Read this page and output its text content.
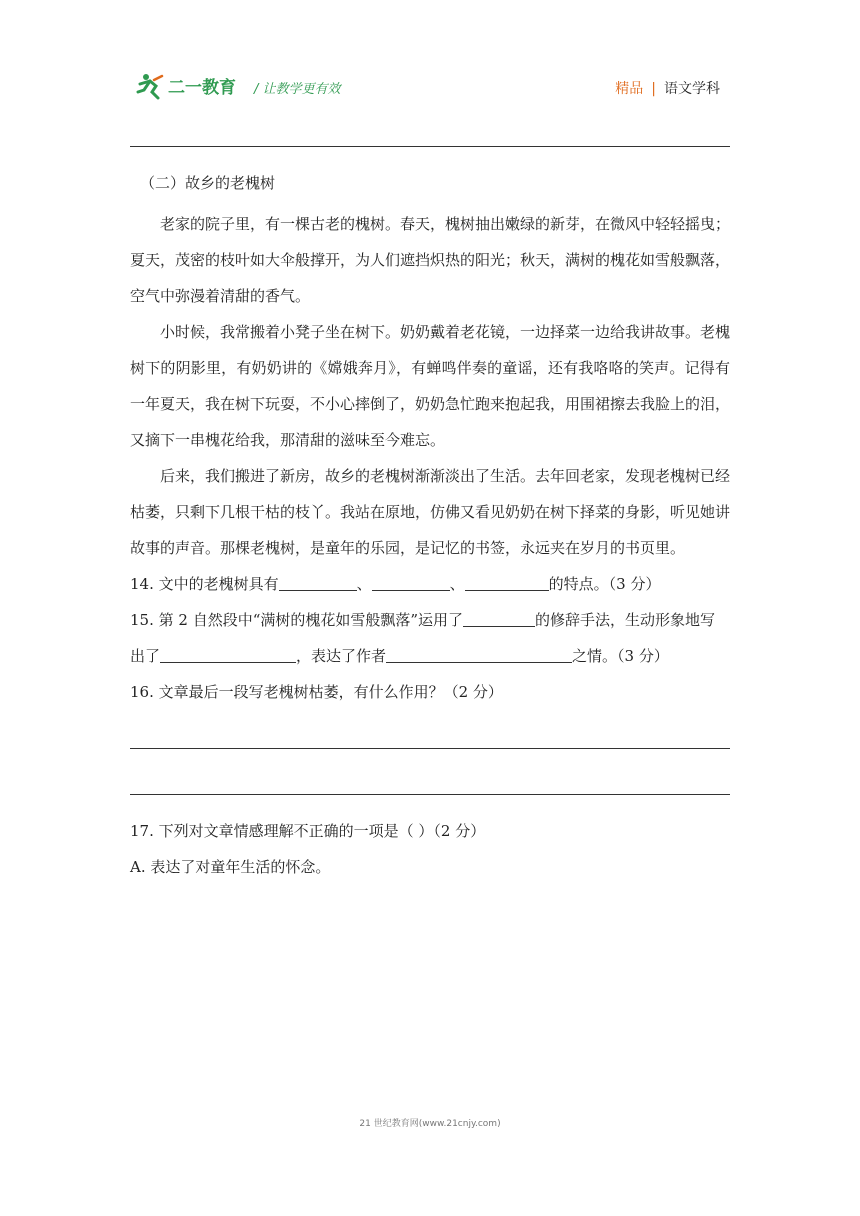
二一教育 / 让教学更有效	精品 | 语文学科

（二）故乡的老槐树

老家的院子里，有一棵古老的槐树。春天，槐树抽出嫩绿的新芽，在微风中轻轻摇曳；夏天，茂密的枝叶如大伞般撑开，为人们遮挡炽热的阳光；秋天，满树的槐花如雪般飘落，空气中弥漫着清甜的香气。

小时候，我常搬着小凳子坐在树下。奶奶戴着老花镜，一边择菜一边给我讲故事。老槐树下的阴影里，有奶奶讲的《嫦娥奔月》，有蝉鸣伴奏的童谣，还有我咯咯的笑声。记得有一年夏天，我在树下玩耍，不小心摔倒了，奶奶急忙跑来抱起我，用围裙擦去我脸上的泪，又摘下一串槐花给我，那清甜的滋味至今难忘。

后来，我们搬进了新房，故乡的老槐树渐渐淡出了生活。去年回老家，发现老槐树已经枯萎，只剩下几根干枯的枝丫。我站在原地，仿佛又看见奶奶在树下择菜的身影，听见她讲故事的声音。那棵老槐树，是童年的乐园，是记忆的书签，永远夹在岁月的书页里。

14. 文中的老槐树具有	、	、	的特点。（3 分）

15. 第 2 自然段中“满树的槐花如雪般飘落”运用了	的修辞手法，生动形象地写出了	，表达了作者	之情。（3 分）

16. 文章最后一段写老槐树枯萎，有什么作用？（2 分）

17. 下列对文章情感理解不正确的一项是（ ）（2 分）

A. 表达了对童年生活的怀念。

21 世纪教育网(www.21cnjy.com)
